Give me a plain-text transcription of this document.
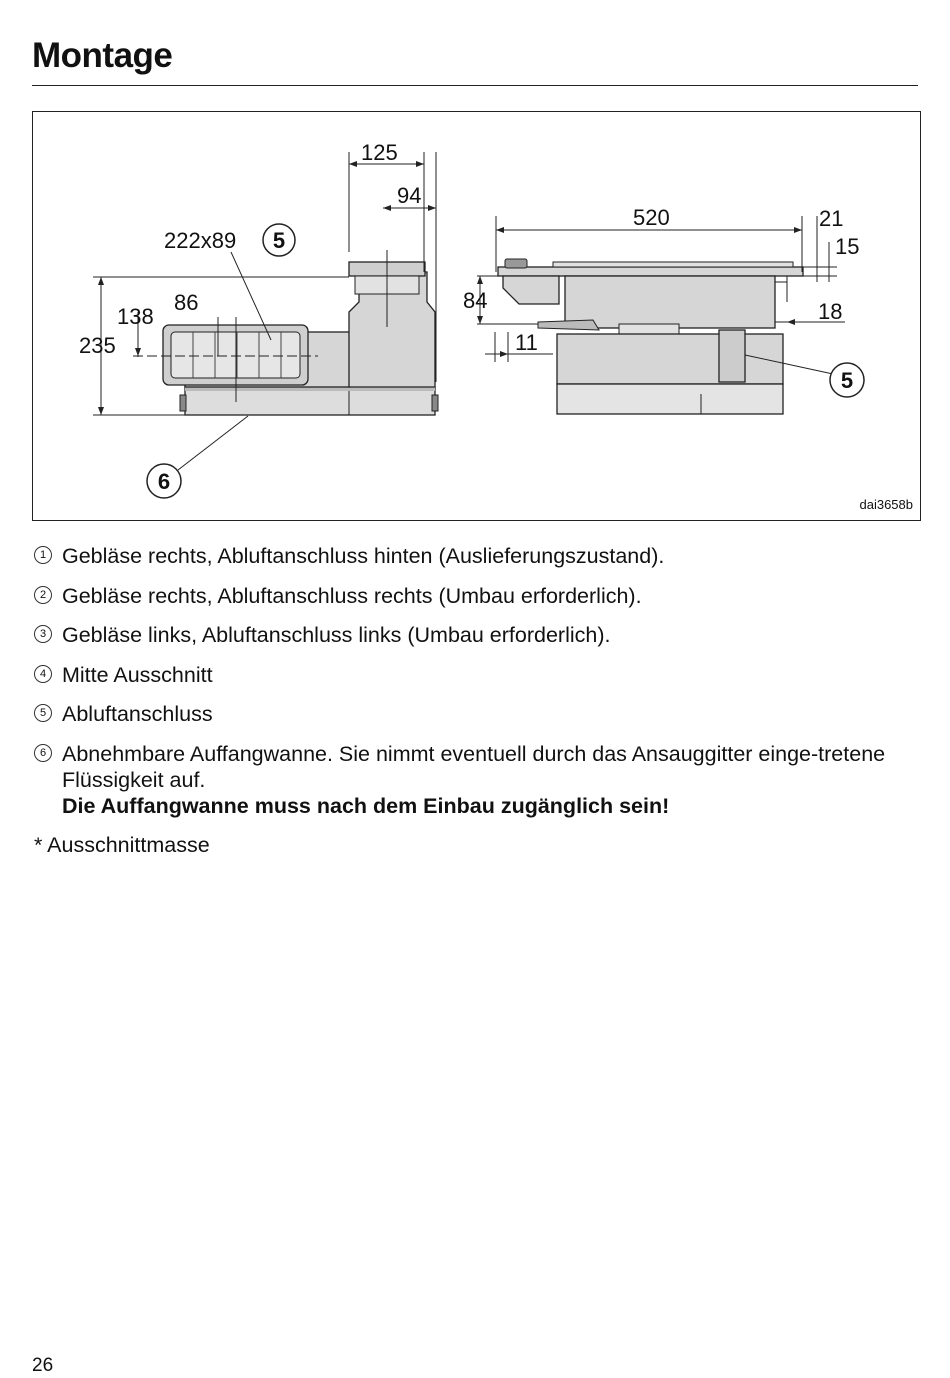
Montage
125
94
222x89 5
138
86
235
6
520	21
15
84
11
18
5
dai3658b
1 Gebläse rechts, Abluftanschluss hinten (Auslieferungszustand).
2 Gebläse rechts, Abluftanschluss rechts (Umbau erforderlich).
3 Gebläse links, Abluftanschluss links (Umbau erforderlich).
4 Mitte Ausschnitt
5 Abluftanschluss
6 Abnehmbare Auffangwanne. Sie nimmt eventuell durch das Ansauggitter einge-tretene Flüssigkeit auf.
Die Auffangwanne muss nach dem Einbau zugänglich sein!
* Ausschnittmasse
26
